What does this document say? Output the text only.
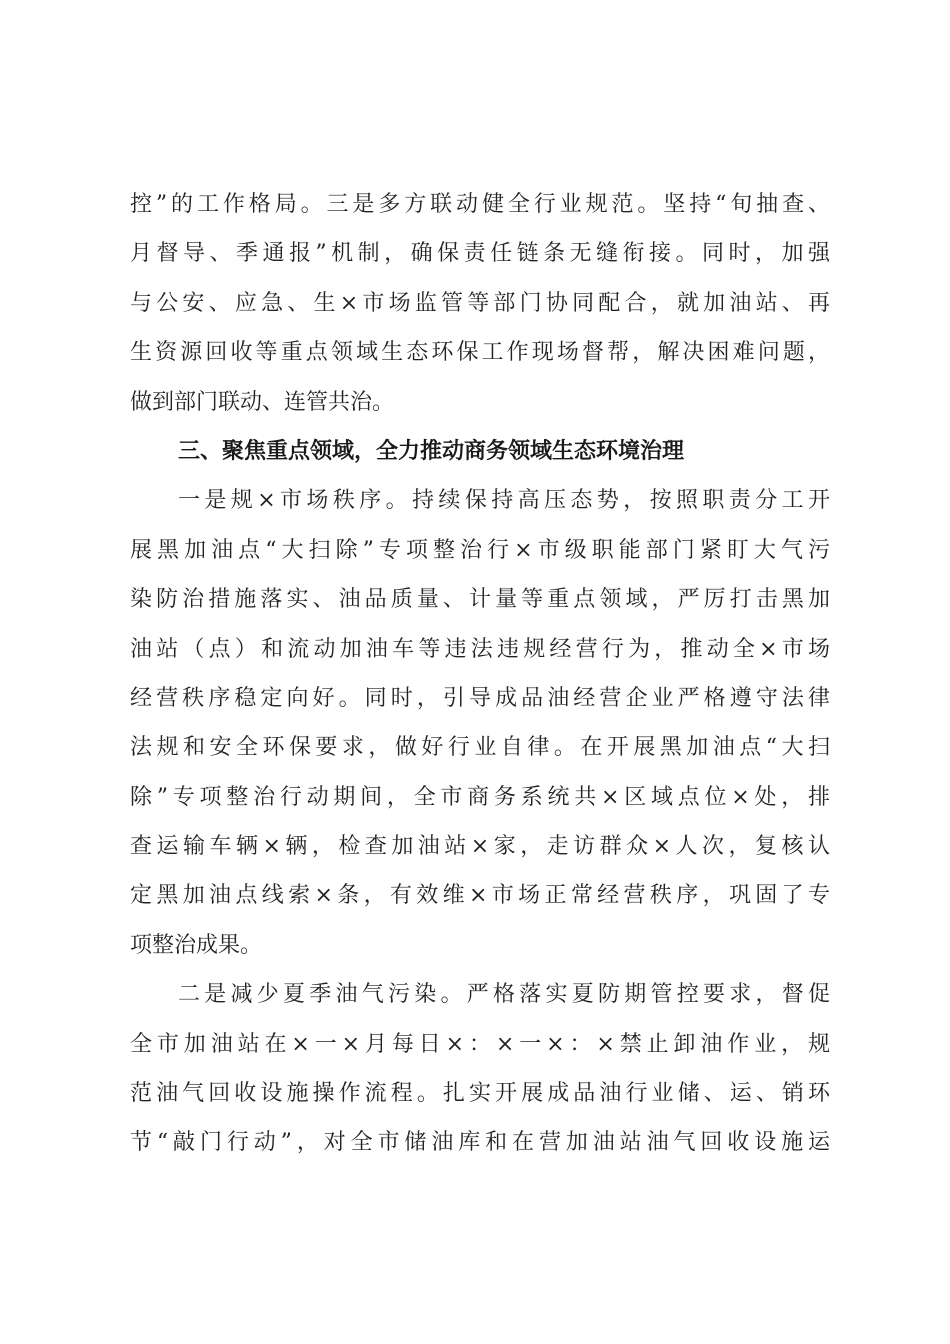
控”的工作格局。三是多方联动健全行业规范。坚持“旬抽查、
月督导、季通报”机制，确保责任链条无缝衔接。同时，加强
与公安、应急、生×市场监管等部门协同配合，就加油站、再
生资源回收等重点领域生态环保工作现场督帮，解决困难问题，
做到部门联动、连管共治。
三、聚焦重点领域，全力推动商务领域生态环境治理
一是规×市场秩序。持续保持高压态势，按照职责分工开
展黑加油点“大扫除”专项整治行×市级职能部门紧盯大气污
染防治措施落实、油品质量、计量等重点领域，严厉打击黑加
油站（点）和流动加油车等违法违规经营行为，推动全×市场
经营秩序稳定向好。同时，引导成品油经营企业严格遵守法律
法规和安全环保要求，做好行业自律。在开展黑加油点“大扫
除”专项整治行动期间，全市商务系统共×区域点位×处，排
查运输车辆×辆，检查加油站×家，走访群众×人次，复核认
定黑加油点线索×条，有效维×市场正常经营秩序，巩固了专
项整治成果。
二是减少夏季油气污染。严格落实夏防期管控要求，督促
全市加油站在×一×月每日×：×一×：×禁止卸油作业，规
范油气回收设施操作流程。扎实开展成品油行业储、运、销环
节“敲门行动”，对全市储油库和在营加油站油气回收设施运
